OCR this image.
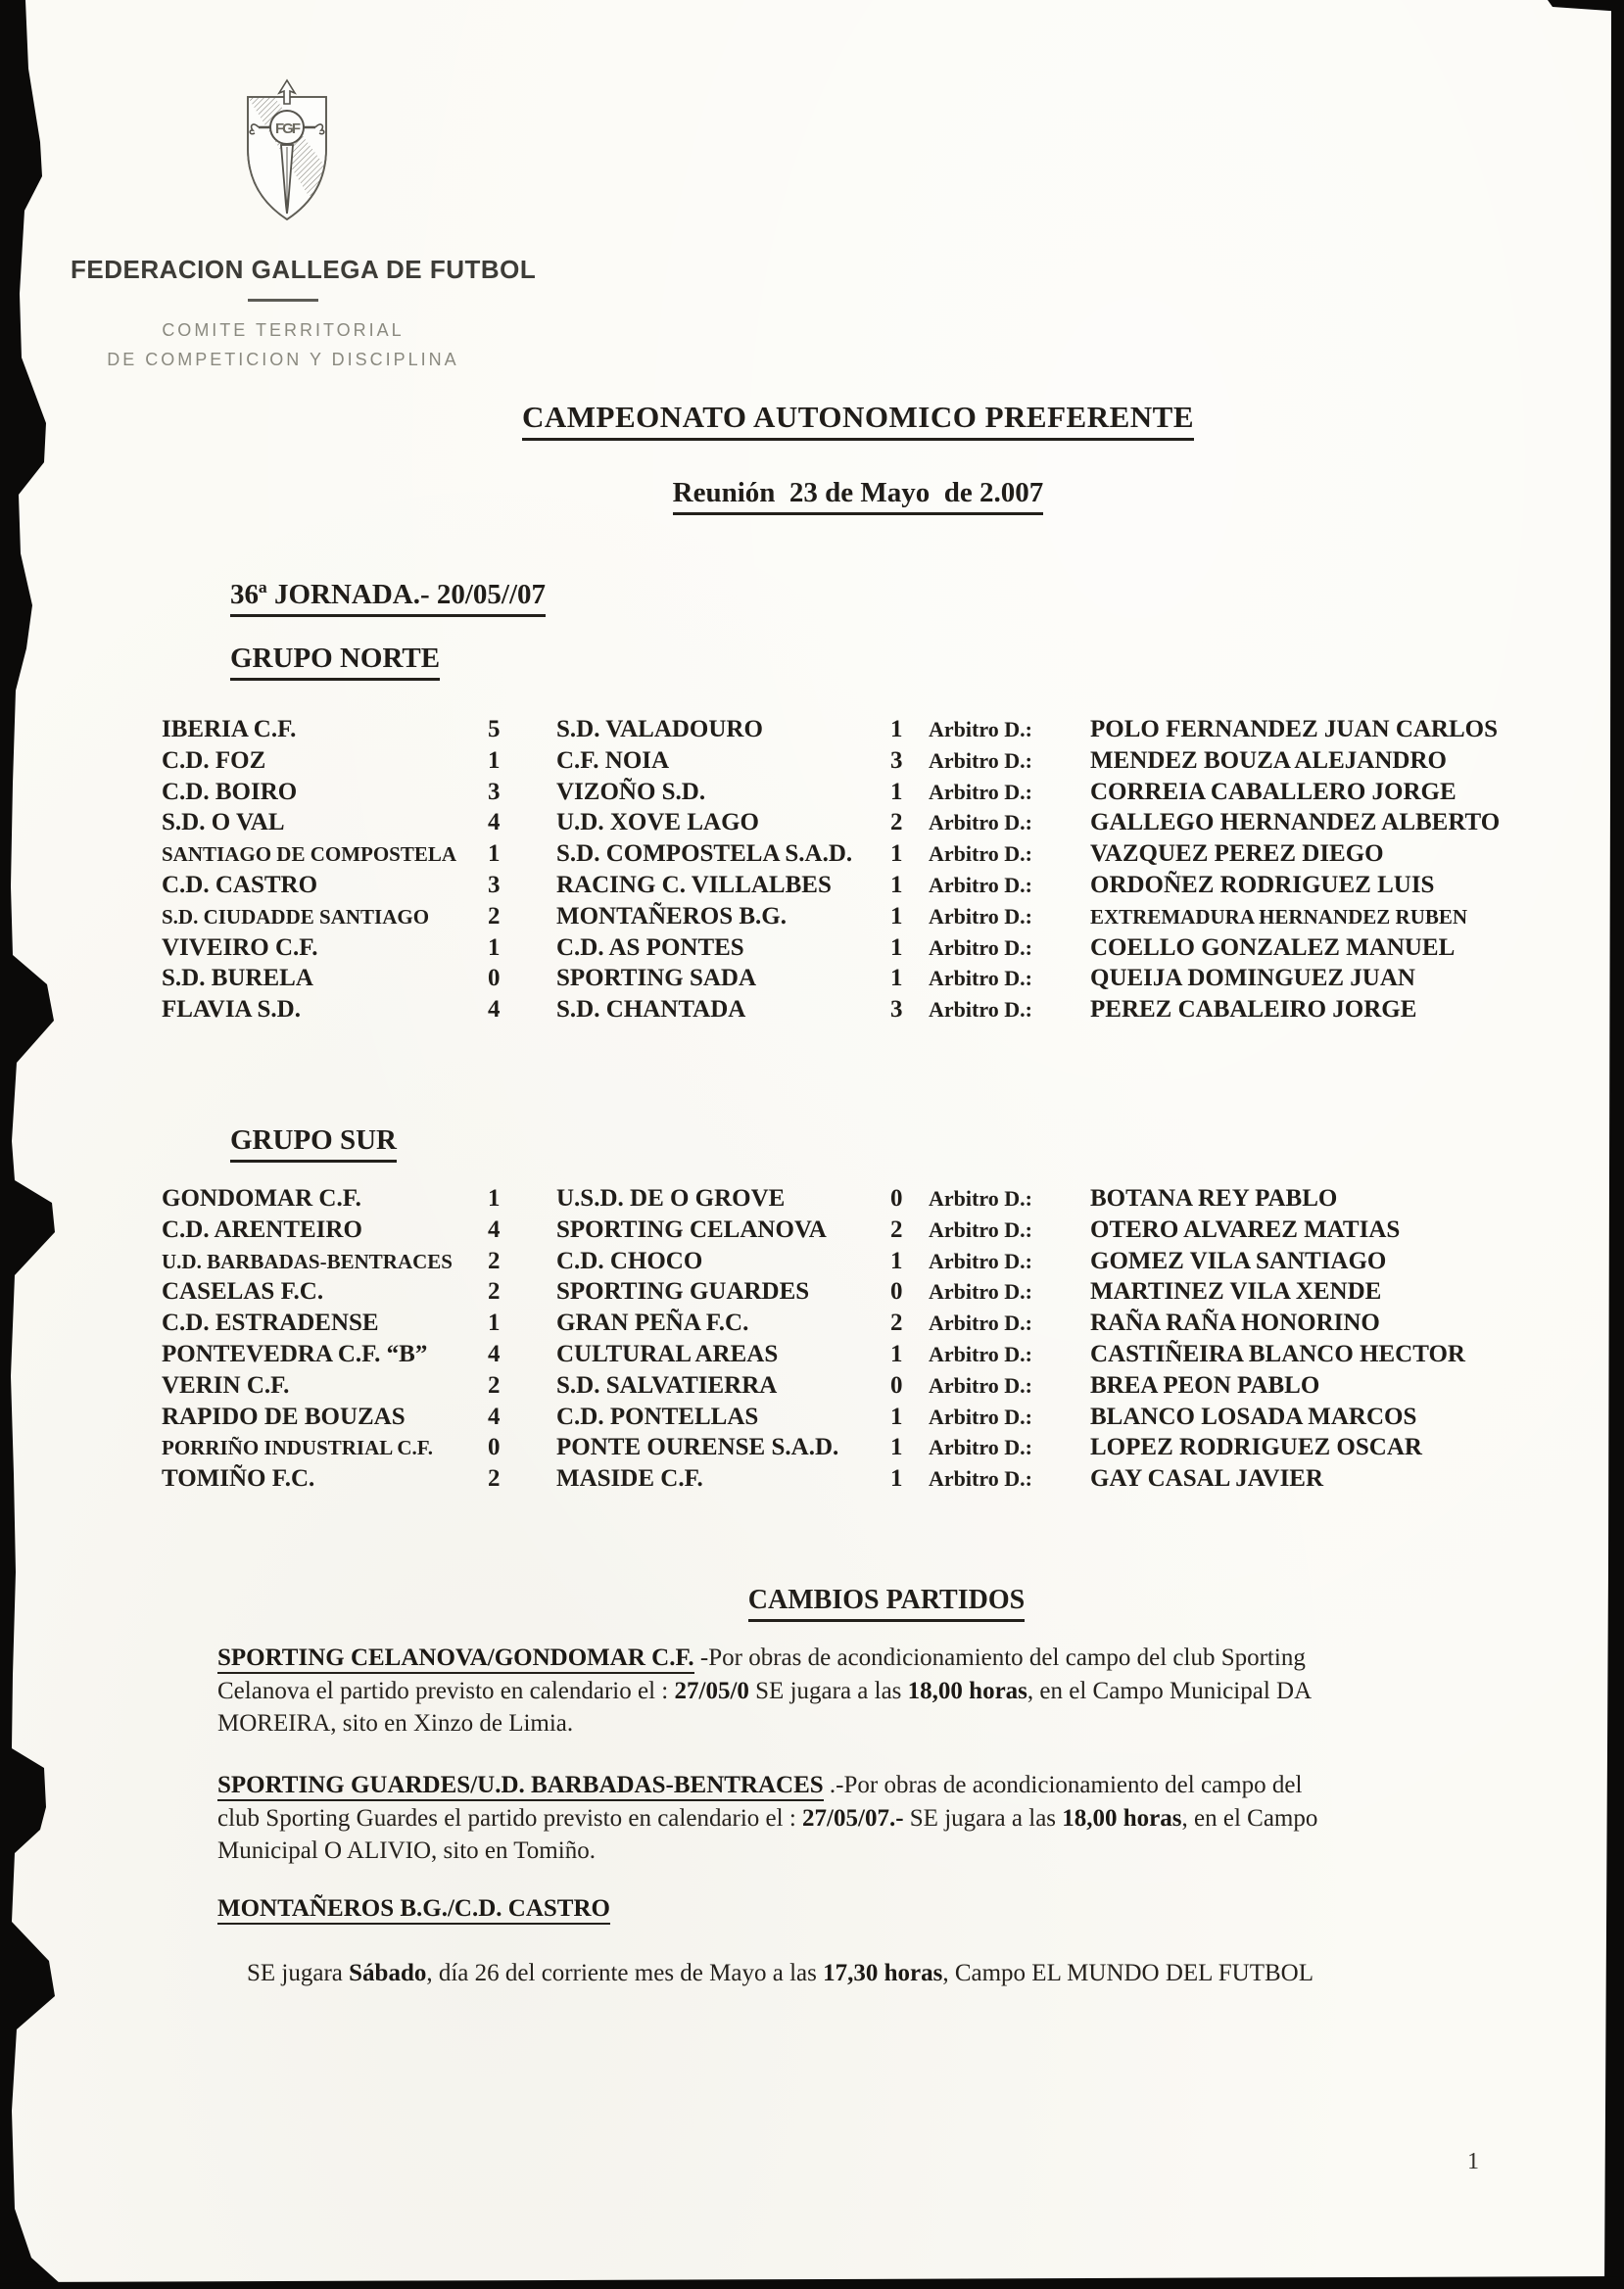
FGF
FEDERACION GALLEGA DE FUTBOL
COMITE TERRITORIAL
DE COMPETICION Y DISCIPLINA
CAMPEONATO AUTONOMICO PREFERENTE
Reunión  23 de Mayo  de 2.007
36ª JORNADA.- 20/05//07
GRUPO NORTE
IBERIA C.F.	5	S.D. VALADOURO	1	Arbitro D.:	POLO FERNANDEZ JUAN CARLOS
C.D. FOZ	1	C.F. NOIA	3	Arbitro D.:	MENDEZ BOUZA ALEJANDRO
C.D. BOIRO	3	VIZOÑO S.D.	1	Arbitro D.:	CORREIA CABALLERO JORGE
S.D. O VAL	4	U.D. XOVE LAGO	2	Arbitro D.:	GALLEGO HERNANDEZ ALBERTO
SANTIAGO DE COMPOSTELA	1	S.D. COMPOSTELA S.A.D.	1	Arbitro D.:	VAZQUEZ PEREZ DIEGO
C.D. CASTRO	3	RACING C. VILLALBES	1	Arbitro D.:	ORDOÑEZ RODRIGUEZ LUIS
S.D. CIUDADDE SANTIAGO	2	MONTAÑEROS B.G.	1	Arbitro D.:	EXTREMADURA HERNANDEZ RUBEN
VIVEIRO C.F.	1	C.D. AS PONTES	1	Arbitro D.:	COELLO GONZALEZ MANUEL
S.D. BURELA	0	SPORTING SADA	1	Arbitro D.:	QUEIJA DOMINGUEZ JUAN
FLAVIA S.D.	4	S.D. CHANTADA	3	Arbitro D.:	PEREZ CABALEIRO JORGE
GRUPO SUR
GONDOMAR C.F.	1	U.S.D. DE O GROVE	0	Arbitro D.:	BOTANA REY PABLO
C.D. ARENTEIRO	4	SPORTING CELANOVA	2	Arbitro D.:	OTERO ALVAREZ MATIAS
U.D. BARBADAS-BENTRACES	2	C.D. CHOCO	1	Arbitro D.:	GOMEZ VILA SANTIAGO
CASELAS F.C.	2	SPORTING GUARDES	0	Arbitro D.:	MARTINEZ VILA XENDE
C.D. ESTRADENSE	1	GRAN PEÑA F.C.	2	Arbitro D.:	RAÑA RAÑA HONORINO
PONTEVEDRA C.F. “B”	4	CULTURAL AREAS	1	Arbitro D.:	CASTIÑEIRA BLANCO HECTOR
VERIN C.F.	2	S.D. SALVATIERRA	0	Arbitro D.:	BREA PEON PABLO
RAPIDO DE BOUZAS	4	C.D. PONTELLAS	1	Arbitro D.:	BLANCO LOSADA MARCOS
PORRIÑO INDUSTRIAL C.F.	0	PONTE OURENSE S.A.D.	1	Arbitro D.:	LOPEZ RODRIGUEZ OSCAR
TOMIÑO F.C.	2	MASIDE C.F.	1	Arbitro D.:	GAY CASAL JAVIER
CAMBIOS PARTIDOS
SPORTING CELANOVA/GONDOMAR C.F. -Por obras de acondicionamiento del campo del club Sporting
Celanova el partido previsto en calendario el : 27/05/0 SE jugara a las 18,00 horas, en el Campo Municipal DA
MOREIRA, sito en Xinzo de Limia.
SPORTING GUARDES/U.D. BARBADAS-BENTRACES .-Por obras de acondicionamiento del campo del
club Sporting Guardes el partido previsto en calendario el : 27/05/07.- SE jugara a las 18,00 horas, en el Campo
Municipal O ALIVIO, sito en Tomiño.
MONTAÑEROS B.G./C.D. CASTRO
SE jugara Sábado, día 26 del corriente mes de Mayo a las 17,30 horas, Campo EL MUNDO DEL FUTBOL
1
